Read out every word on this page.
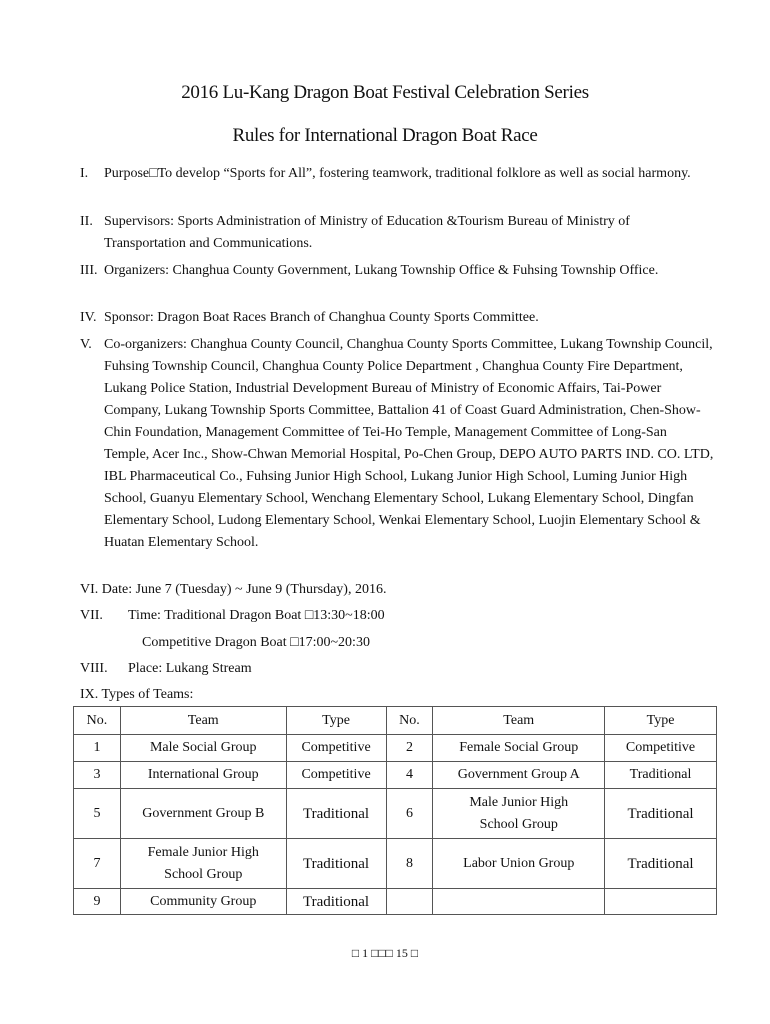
2016 Lu-Kang Dragon Boat Festival Celebration Series
Rules for International Dragon Boat Race
I.	Purpose□To develop “Sports for All”, fostering teamwork, traditional folklore as well as social harmony.
II. Supervisors: Sports Administration of Ministry of Education &Tourism Bureau of Ministry of Transportation and Communications.
III. Organizers: Changhua County Government, Lukang Township Office & Fuhsing Township Office.
IV. Sponsor: Dragon Boat Races Branch of Changhua County Sports Committee.
V. Co-organizers: Changhua County Council, Changhua County Sports Committee, Lukang Township Council, Fuhsing Township Council, Changhua County Police Department , Changhua County Fire Department, Lukang Police Station, Industrial Development Bureau of Ministry of Economic Affairs, Tai-Power Company, Lukang Township Sports Committee, Battalion 41 of Coast Guard Administration, Chen-Show-Chin Foundation, Management Committee of Tei-Ho Temple, Management Committee of Long-San Temple, Acer Inc., Show-Chwan Memorial Hospital, Po-Chen Group, DEPO AUTO PARTS IND. CO. LTD, IBL Pharmaceutical Co., Fuhsing Junior High School, Lukang Junior High School, Luming Junior High School, Guanyu Elementary School, Wenchang Elementary School, Lukang Elementary School, Dingfan Elementary School, Ludong Elementary School, Wenkai Elementary School, Luojin Elementary School & Huatan Elementary School.
VI. Date: June 7 (Tuesday) ~ June 9 (Thursday), 2016.
VII. Time: Traditional Dragon Boat □13:30~18:00
Competitive Dragon Boat □17:00~20:30
VIII. Place: Lukang Stream
IX. Types of Teams:
No.	Team	Type	No.	Team	Type
1	Male Social Group	Competitive	2	Female Social Group	Competitive
3	International Group	Competitive	4	Government Group A	Traditional
5	Government Group B	Traditional	6	Male Junior High School Group	Traditional
7	Female Junior High School Group	Traditional	8	Labor Union Group	Traditional
9	Community Group	Traditional			
□ 1 □□□ 15 □
